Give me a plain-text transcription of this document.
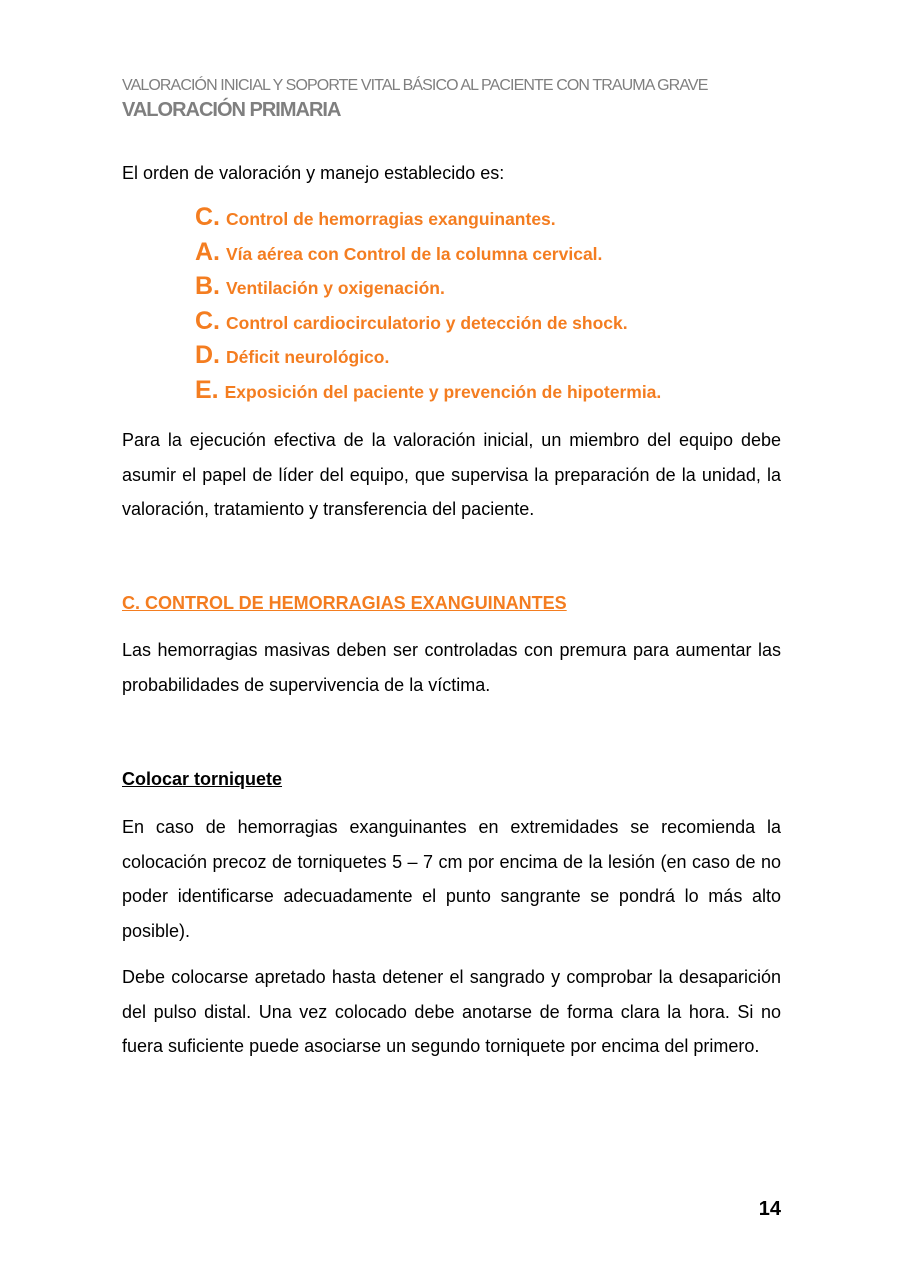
VALORACIÓN INICIAL Y SOPORTE VITAL BÁSICO AL PACIENTE CON TRAUMA GRAVE
VALORACIÓN PRIMARIA
El orden de valoración y manejo establecido es:
C. Control de hemorragias exanguinantes.
A. Vía aérea con Control de la columna cervical.
B. Ventilación y oxigenación.
C. Control cardiocirculatorio y detección de shock.
D. Déficit neurológico.
E. Exposición del paciente y prevención de hipotermia.

Para la ejecución efectiva de la valoración inicial, un miembro del equipo debe asumir el papel de líder del equipo, que supervisa la preparación de la unidad, la valoración, tratamiento y transferencia del paciente.

C. CONTROL DE HEMORRAGIAS EXANGUINANTES

Las hemorragias masivas deben ser controladas con premura para aumentar las probabilidades de supervivencia de la víctima.

Colocar torniquete

En caso de hemorragias exanguinantes en extremidades se recomienda la colocación precoz de torniquetes 5 – 7 cm por encima de la lesión (en caso de no poder identificarse adecuadamente el punto sangrante se pondrá lo más alto posible).

Debe colocarse apretado hasta detener el sangrado y comprobar la desaparición del pulso distal. Una vez colocado debe anotarse de forma clara la hora. Si no fuera suficiente puede asociarse un segundo torniquete por encima del primero.

14
